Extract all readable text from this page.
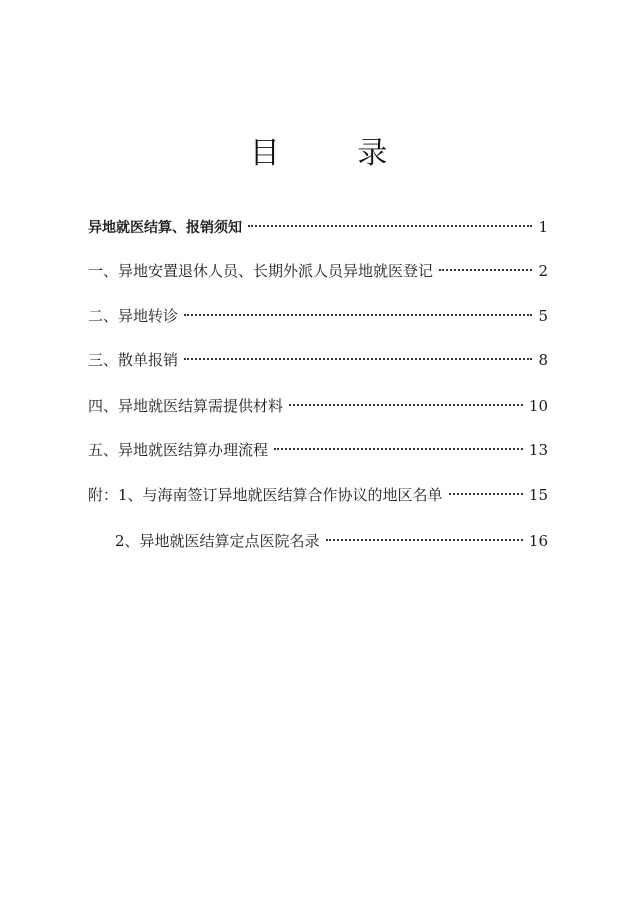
目 录
异地就医结算、报销须知	1
一、异地安置退休人员、长期外派人员异地就医登记	2
二、异地转诊	5
三、散单报销	8
四、异地就医结算需提供材料	10
五、异地就医结算办理流程	13
附：1、与海南签订异地就医结算合作协议的地区名单	15
2、异地就医结算定点医院名录	16
